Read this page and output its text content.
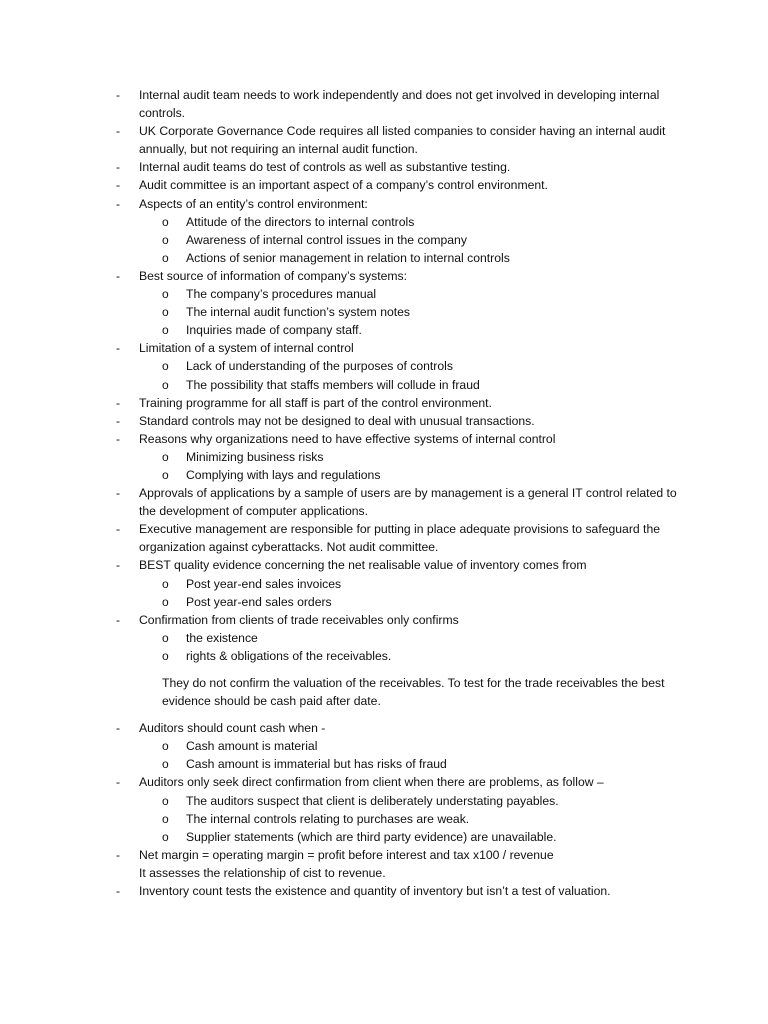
- Internal audit team needs to work independently and does not get involved in developing internal controls.
- UK Corporate Governance Code requires all listed companies to consider having an internal audit annually, but not requiring an internal audit function.
- Internal audit teams do test of controls as well as substantive testing.
- Audit committee is an important aspect of a company’s control environment.
- Aspects of an entity’s control environment:
o Attitude of the directors to internal controls
o Awareness of internal control issues in the company
o Actions of senior management in relation to internal controls
- Best source of information of company’s systems:
o The company’s procedures manual
o The internal audit function’s system notes
o Inquiries made of company staff.
- Limitation of a system of internal control
o Lack of understanding of the purposes of controls
o The possibility that staffs members will collude in fraud
- Training programme for all staff is part of the control environment.
- Standard controls may not be designed to deal with unusual transactions.
- Reasons why organizations need to have effective systems of internal control
o Minimizing business risks
o Complying with lays and regulations
- Approvals of applications by a sample of users are by management is a general IT control related to the development of computer applications.
- Executive management are responsible for putting in place adequate provisions to safeguard the organization against cyberattacks. Not audit committee.
- BEST quality evidence concerning the net realisable value of inventory comes from
o Post year-end sales invoices
o Post year-end sales orders
- Confirmation from clients of trade receivables only confirms
o the existence
o rights & obligations of the receivables.
They do not confirm the valuation of the receivables. To test for the trade receivables the best evidence should be cash paid after date.
- Auditors should count cash when -
o Cash amount is material
o Cash amount is immaterial but has risks of fraud
- Auditors only seek direct confirmation from client when there are problems, as follow –
o The auditors suspect that client is deliberately understating payables.
o The internal controls relating to purchases are weak.
o Supplier statements (which are third party evidence) are unavailable.
- Net margin = operating margin = profit before interest and tax x100 / revenue
It assesses the relationship of cist to revenue.
- Inventory count tests the existence and quantity of inventory but isn’t a test of valuation.
